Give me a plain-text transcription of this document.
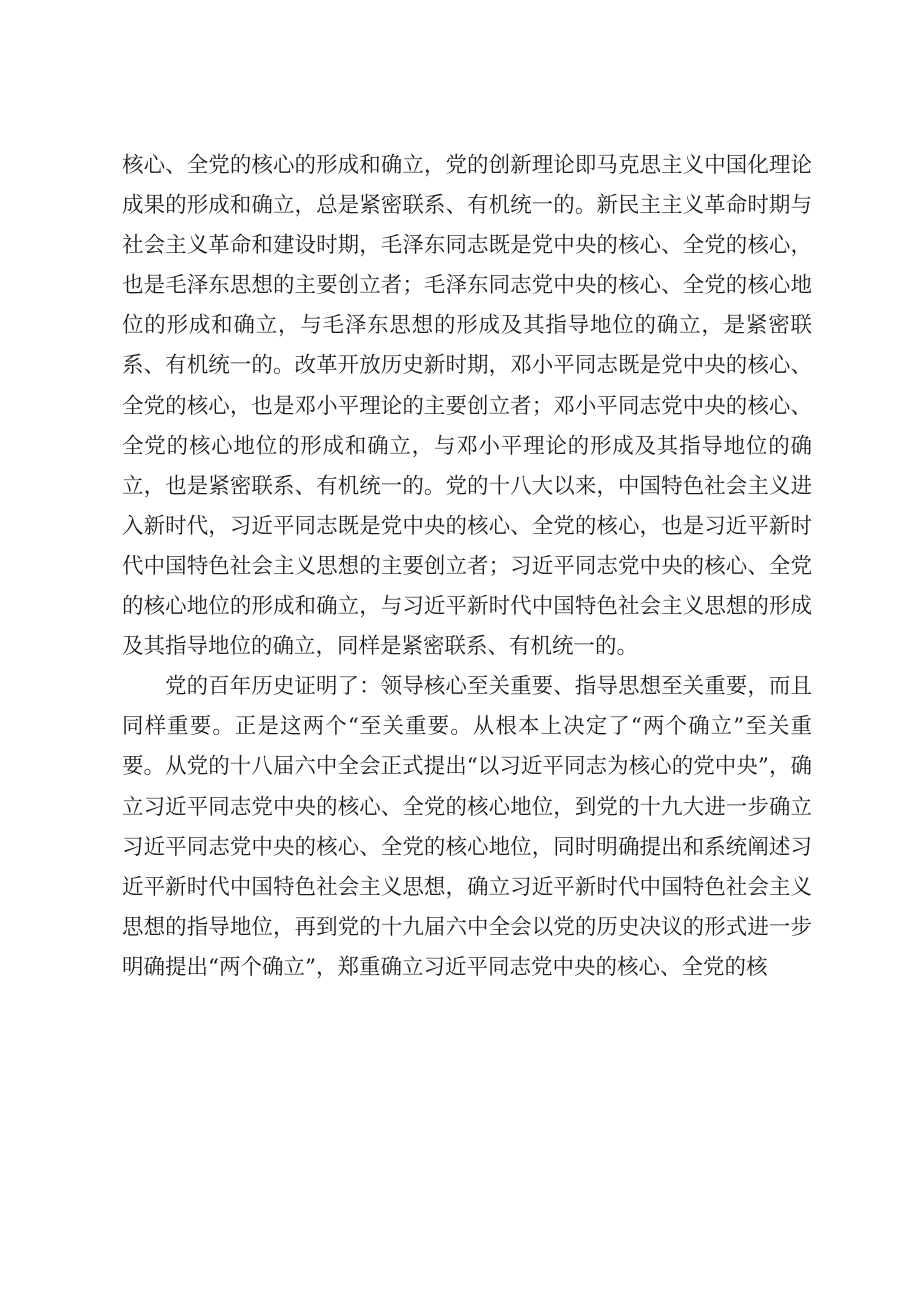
核心、全党的核心的形成和确立，党的创新理论即马克思主义中国化理论成果的形成和确立，总是紧密联系、有机统一的。新民主主义革命时期与社会主义革命和建设时期，毛泽东同志既是党中央的核心、全党的核心，也是毛泽东思想的主要创立者；毛泽东同志党中央的核心、全党的核心地位的形成和确立，与毛泽东思想的形成及其指导地位的确立，是紧密联系、有机统一的。改革开放历史新时期，邓小平同志既是党中央的核心、全党的核心，也是邓小平理论的主要创立者；邓小平同志党中央的核心、全党的核心地位的形成和确立，与邓小平理论的形成及其指导地位的确立，也是紧密联系、有机统一的。党的十八大以来，中国特色社会主义进入新时代，习近平同志既是党中央的核心、全党的核心，也是习近平新时代中国特色社会主义思想的主要创立者；习近平同志党中央的核心、全党的核心地位的形成和确立，与习近平新时代中国特色社会主义思想的形成及其指导地位的确立，同样是紧密联系、有机统一的。

党的百年历史证明了：领导核心至关重要、指导思想至关重要，而且同样重要。正是这两个“至关重要。从根本上决定了“两个确立”至关重要。从党的十八届六中全会正式提出“以习近平同志为核心的党中央”，确立习近平同志党中央的核心、全党的核心地位，到党的十九大进一步确立习近平同志党中央的核心、全党的核心地位，同时明确提出和系统阐述习近平新时代中国特色社会主义思想，确立习近平新时代中国特色社会主义思想的指导地位，再到党的十九届六中全会以党的历史决议的形式进一步明确提出“两个确立”，郑重确立习近平同志党中央的核心、全党的核
